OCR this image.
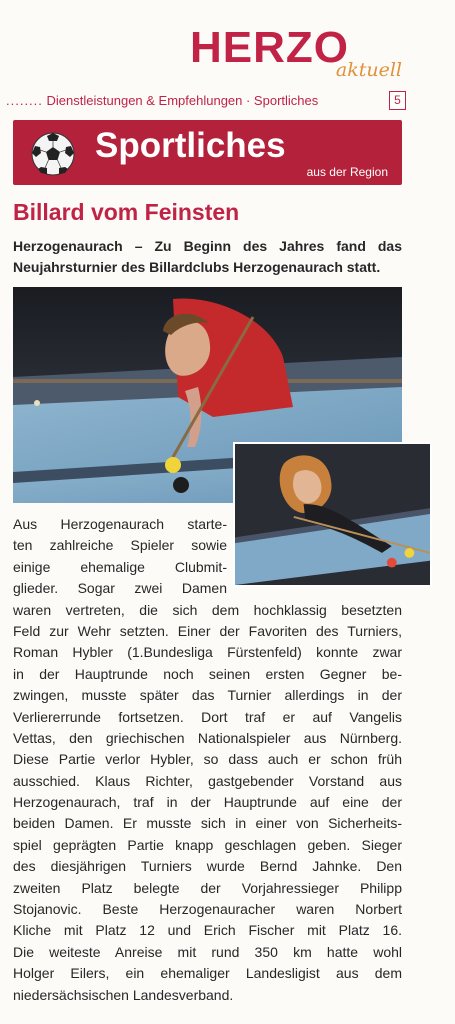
HERZO
aktuell
........ Dienstleistungen & Empfehlungen · Sportliches	5
Sportliches
aus der Region
Billard vom Feinsten
Herzogenaurach – Zu Beginn des Jahres fand das Neujahrsturnier des Billardclubs Herzogenaurach statt.
Aus Herzogenaurach starte-
ten zahlreiche Spieler sowie
einige ehemalige Clubmit-
glieder. Sogar zwei Damen
waren vertreten, die sich dem hochklassig besetzten
Feld zur Wehr setzten. Einer der Favoriten des Turniers,
Roman Hybler (1.Bundesliga Fürstenfeld) konnte zwar
in der Hauptrunde noch seinen ersten Gegner be-
zwingen, musste später das Turnier allerdings in der
Verliererrunde fortsetzen. Dort traf er auf Vangelis
Vettas, den griechischen Nationalspieler aus Nürnberg.
Diese Partie verlor Hybler, so dass auch er schon früh
ausschied. Klaus Richter, gastgebender Vorstand aus
Herzogenaurach, traf in der Hauptrunde auf eine der
beiden Damen. Er musste sich in einer von Sicherheits-
spiel geprägten Partie knapp geschlagen geben. Sieger
des diesjährigen Turniers wurde Bernd Jahnke. Den
zweiten Platz belegte der Vorjahressieger Philipp
Stojanovic. Beste Herzogenauracher waren Norbert
Kliche mit Platz 12 und Erich Fischer mit Platz 16.
Die weiteste Anreise mit rund 350 km hatte wohl
Holger Eilers, ein ehemaliger Landesligist aus dem
niedersächsischen Landesverband.
